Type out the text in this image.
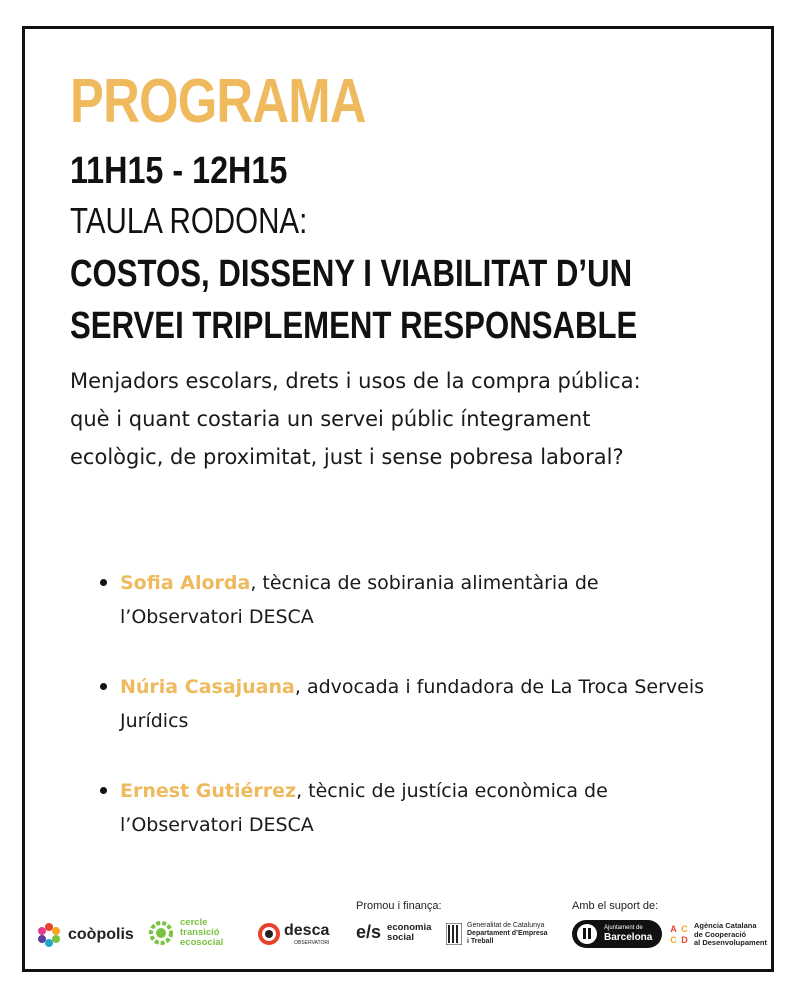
PROGRAMA
11H15 - 12H15
TAULA RODONA:
COSTOS, DISSENY I VIABILITAT D’UN
SERVEI TRIPLEMENT RESPONSABLE
Menjadors escolars, drets i usos de la compra pública: què i quant costaria un servei públic íntegrament ecològic, de proximitat, just i sense pobresa laboral?
Sofia Alorda, tècnica de sobirania alimentària de l’Observatori DESCA
Núria Casajuana, advocada i fundadora de La Troca Serveis Jurídics
Ernest Gutiérrez, tècnic de justícia econòmica de l’Observatori DESCA
Promou i finança:	Amb el suport de:
coòpolis
cercle
transició
ecosocial
desca
OBSERVATORI
e/s economia
social
Generalitat de Catalunya
Departament d’Empresa
i Treball
Ajuntament de
Barcelona
A C
C D
Agència Catalana
de Cooperació
al Desenvolupament
